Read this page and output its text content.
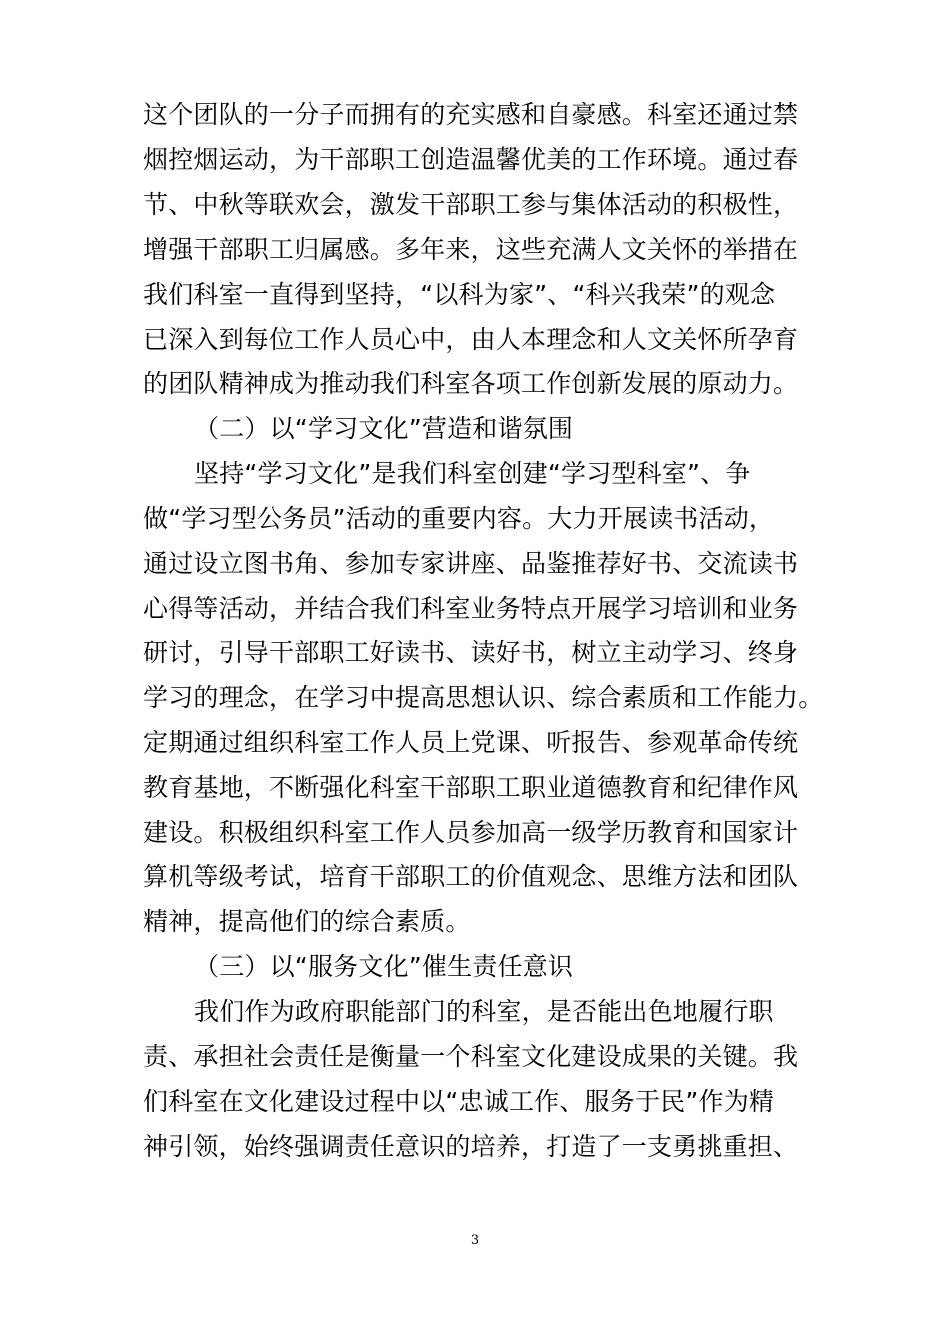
这个团队的一分子而拥有的充实感和自豪感。科室还通过禁
烟控烟运动，为干部职工创造温馨优美的工作环境。通过春
节、中秋等联欢会，激发干部职工参与集体活动的积极性，
增强干部职工归属感。多年来，这些充满人文关怀的举措在
我们科室一直得到坚持，“以科为家”、“科兴我荣”的观念
已深入到每位工作人员心中，由人本理念和人文关怀所孕育
的团队精神成为推动我们科室各项工作创新发展的原动力。
（二）以“学习文化”营造和谐氛围
坚持“学习文化”是我们科室创建“学习型科室”、争
做“学习型公务员”活动的重要内容。大力开展读书活动，
通过设立图书角、参加专家讲座、品鉴推荐好书、交流读书
心得等活动，并结合我们科室业务特点开展学习培训和业务
研讨，引导干部职工好读书、读好书，树立主动学习、终身
学习的理念，在学习中提高思想认识、综合素质和工作能力。
定期通过组织科室工作人员上党课、听报告、参观革命传统
教育基地，不断强化科室干部职工职业道德教育和纪律作风
建设。积极组织科室工作人员参加高一级学历教育和国家计
算机等级考试，培育干部职工的价值观念、思维方法和团队
精神，提高他们的综合素质。
（三）以“服务文化”催生责任意识
我们作为政府职能部门的科室，是否能出色地履行职
责、承担社会责任是衡量一个科室文化建设成果的关键。我
们科室在文化建设过程中以“忠诚工作、服务于民”作为精
神引领，始终强调责任意识的培养，打造了一支勇挑重担、
3
